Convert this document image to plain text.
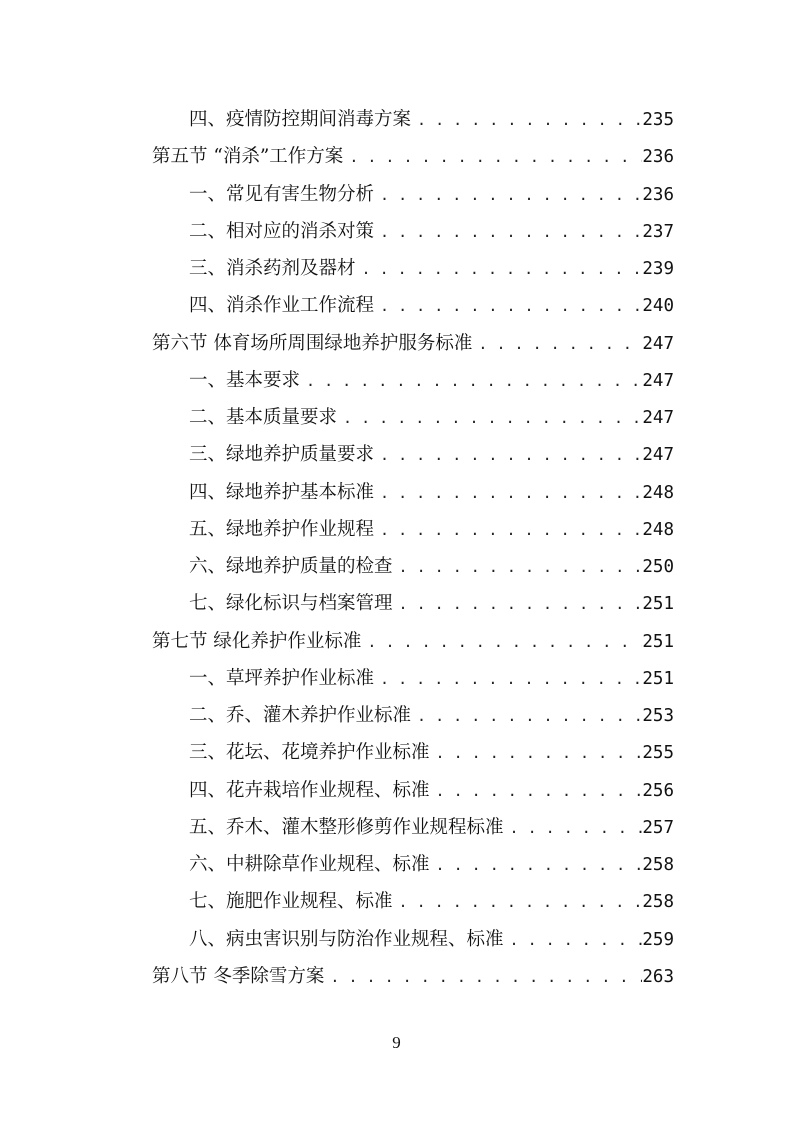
四、疫情防控期间消毒方案 . . .	235
第五节 “消杀”工作方案 . . .	236
一、常见有害生物分析 . . .	236
二、相对应的消杀对策 . . .	237
三、消杀药剂及器材 . . .	239
四、消杀作业工作流程 . . .	240
第六节 体育场所周围绿地养护服务标准 . . .	247
一、基本要求 . . .	247
二、基本质量要求 . . .	247
三、绿地养护质量要求 . . .	247
四、绿地养护基本标准 . . .	248
五、绿地养护作业规程 . . .	248
六、绿地养护质量的检查 . . .	250
七、绿化标识与档案管理 . . .	251
第七节 绿化养护作业标准 . . .	251
一、草坪养护作业标准 . . .	251
二、乔、灌木养护作业标准 . . .	253
三、花坛、花境养护作业标准 . . .	255
四、花卉栽培作业规程、标准 . . .	256
五、乔木、灌木整形修剪作业规程标准 . . .	257
六、中耕除草作业规程、标准 . . .	258
七、施肥作业规程、标准 . . .	258
八、病虫害识别与防治作业规程、标准 . . .	259
第八节 冬季除雪方案 . . .	263
9
